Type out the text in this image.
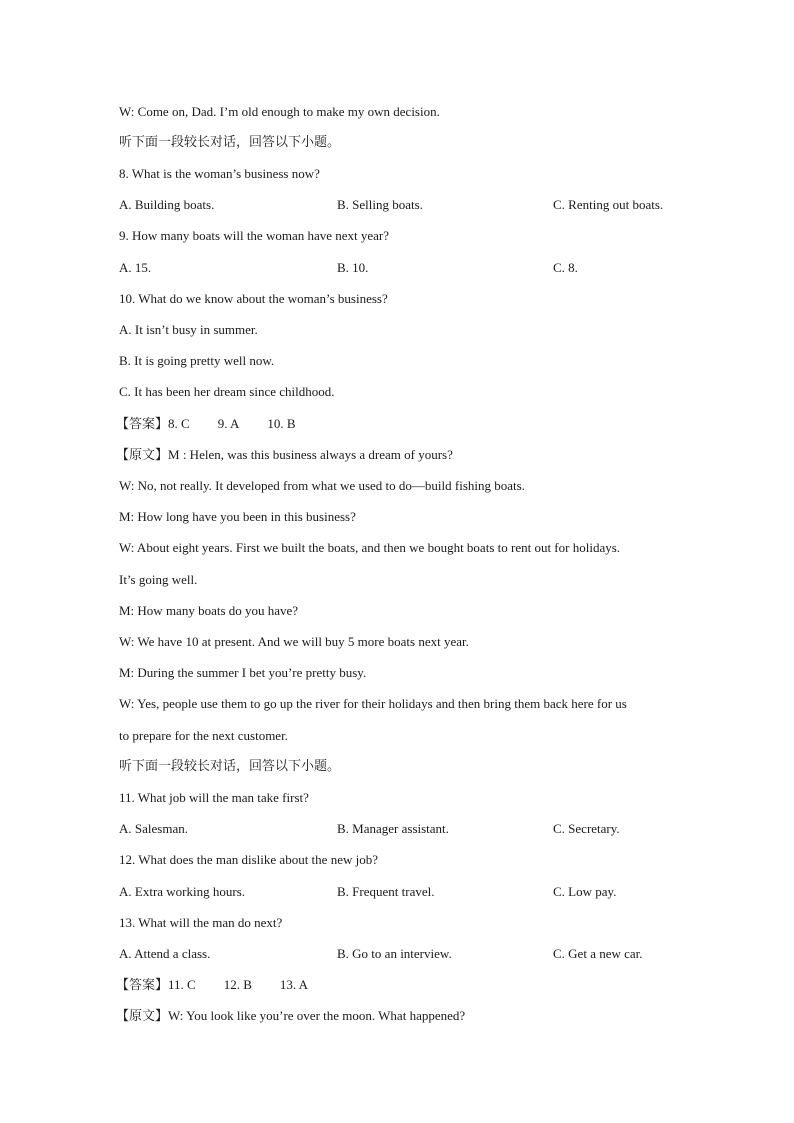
W: Come on, Dad. I’m old enough to make my own decision.
听下面一段较长对话，回答以下小题。
8. What is the woman’s business now?
A. Building boats.	B. Selling boats.	C. Renting out boats.
9. How many boats will the woman have next year?
A. 15.	B. 10.	C. 8.
10. What do we know about the woman’s business?
A. It isn’t busy in summer.
B. It is going pretty well now.
C. It has been her dream since childhood.
【答案】8. C 9. A 10. B
【原文】M : Helen, was this business always a dream of yours?
W: No, not really. It developed from what we used to do—build fishing boats.
M: How long have you been in this business?
W: About eight years. First we built the boats, and then we bought boats to rent out for holidays.
It’s going well.
M: How many boats do you have?
W: We have 10 at present. And we will buy 5 more boats next year.
M: During the summer I bet you’re pretty busy.
W: Yes, people use them to go up the river for their holidays and then bring them back here for us
to prepare for the next customer.
听下面一段较长对话，回答以下小题。
11. What job will the man take first?
A. Salesman.	B. Manager assistant.	C. Secretary.
12. What does the man dislike about the new job?
A. Extra working hours.	B. Frequent travel.	C. Low pay.
13. What will the man do next?
A. Attend a class.	B. Go to an interview.	C. Get a new car.
【答案】11. C 12. B 13. A
【原文】W: You look like you’re over the moon. What happened?
